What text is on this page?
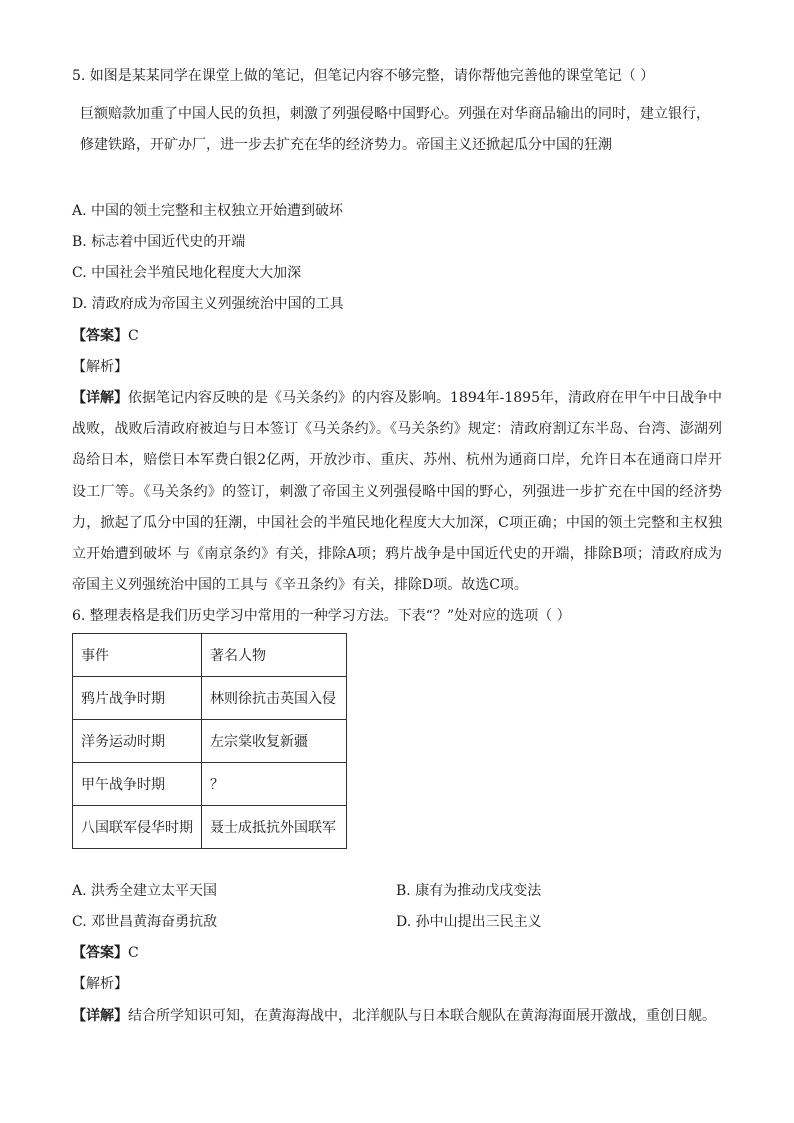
5. 如图是某某同学在课堂上做的笔记，但笔记内容不够完整，请你帮他完善他的课堂笔记（ ）
巨额赔款加重了中国人民的负担，刺激了列强侵略中国野心。列强在对华商品输出的同时，建立银行，
修建铁路，开矿办厂，进一步去扩充在华的经济势力。帝国主义还掀起瓜分中国的狂潮
A. 中国的领土完整和主权独立开始遭到破坏
B. 标志着中国近代史的开端
C. 中国社会半殖民地化程度大大加深
D. 清政府成为帝国主义列强统治中国的工具
【答案】C
【解析】
【详解】依据笔记内容反映的是《马关条约》的内容及影响。1894年-1895年，清政府在甲午中日战争中战败，战败后清政府被迫与日本签订《马关条约》。《马关条约》规定：清政府割辽东半岛、台湾、澎湖列岛给日本，赔偿日本军费白银2亿两，开放沙市、重庆、苏州、杭州为通商口岸，允许日本在通商口岸开设工厂等。《马关条约》的签订，刺激了帝国主义列强侵略中国的野心，列强进一步扩充在中国的经济势力，掀起了瓜分中国的狂潮，中国社会的半殖民地化程度大大加深，C项正确；中国的领土完整和主权独立开始遭到破坏 与《南京条约》有关，排除A项；鸦片战争是中国近代史的开端，排除B项；清政府成为帝国主义列强统治中国的工具与《辛丑条约》有关，排除D项。故选C项。
6. 整理表格是我们历史学习中常用的一种学习方法。下表“？”处对应的选项（ ）
事件	著名人物
鸦片战争时期	林则徐抗击英国入侵
洋务运动时期	左宗棠收复新疆
甲午战争时期	？
八国联军侵华时期	聂士成抵抗外国联军
A. 洪秀全建立太平天国	B. 康有为推动戊戌变法
C. 邓世昌黄海奋勇抗敌	D. 孙中山提出三民主义
【答案】C
【解析】
【详解】结合所学知识可知，在黄海海战中，北洋舰队与日本联合舰队在黄海海面展开激战，重创日舰。
